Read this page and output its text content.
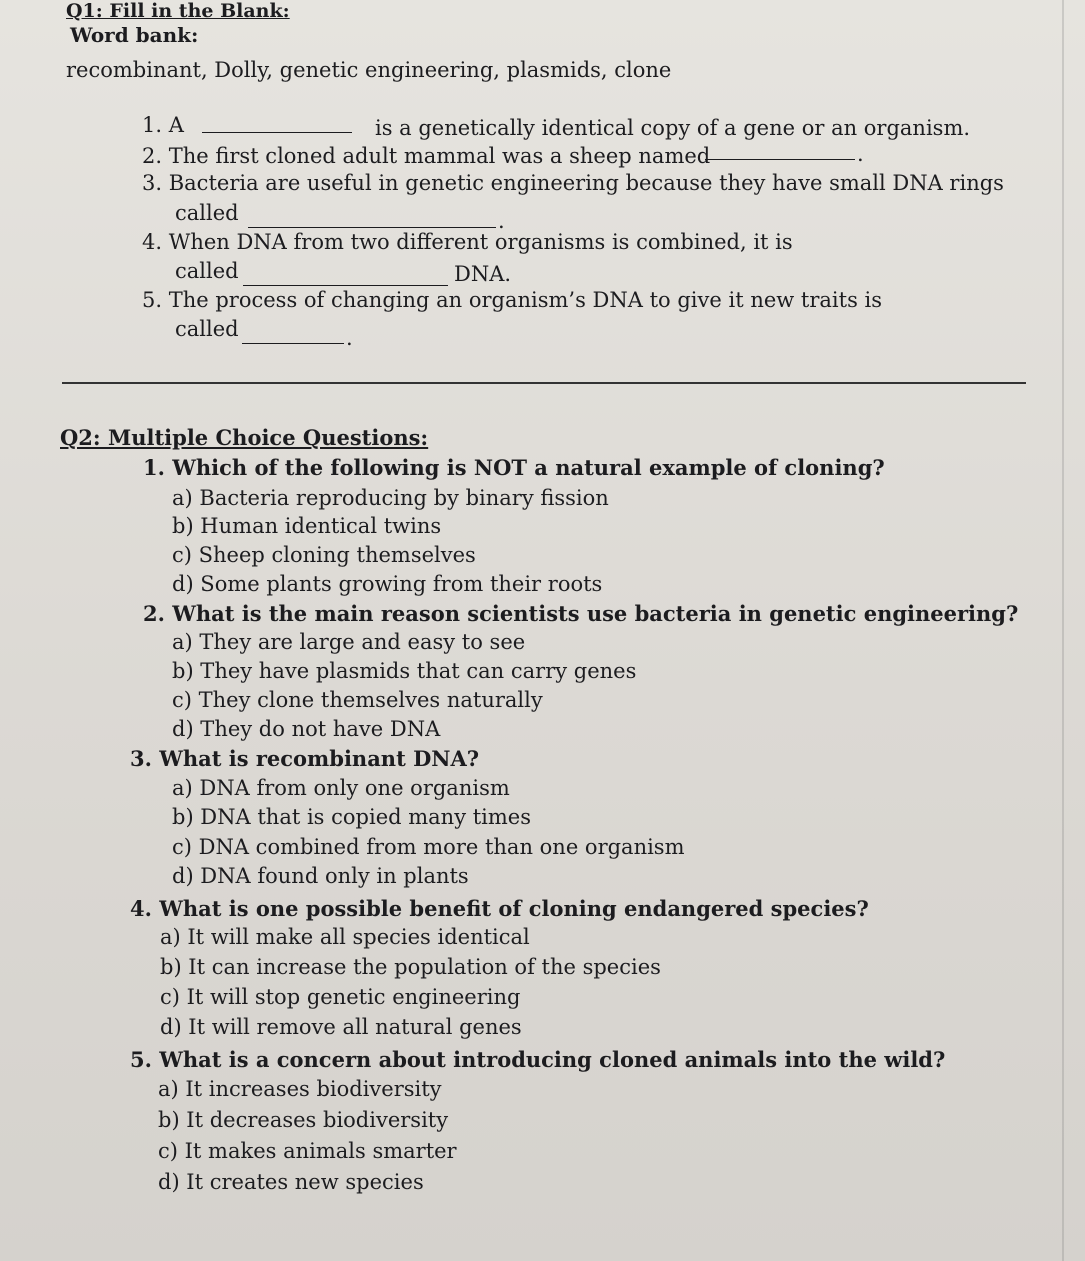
Q1: Fill in the Blank:
Word bank:
recombinant, Dolly, genetic engineering, plasmids, clone
1. A	is a genetically identical copy of a gene or an organism.
2. The first cloned adult mammal was a sheep named	.
3. Bacteria are useful in genetic engineering because they have small DNA rings
called	.
4. When DNA from two different organisms is combined, it is
called	DNA.
5. The process of changing an organism’s DNA to give it new traits is
called	.
Q2: Multiple Choice Questions:
1. Which of the following is NOT a natural example of cloning?
a) Bacteria reproducing by binary fission
b) Human identical twins
c) Sheep cloning themselves
d) Some plants growing from their roots
2. What is the main reason scientists use bacteria in genetic engineering?
a) They are large and easy to see
b) They have plasmids that can carry genes
c) They clone themselves naturally
d) They do not have DNA
3. What is recombinant DNA?
a) DNA from only one organism
b) DNA that is copied many times
c) DNA combined from more than one organism
d) DNA found only in plants
4. What is one possible benefit of cloning endangered species?
a) It will make all species identical
b) It can increase the population of the species
c) It will stop genetic engineering
d) It will remove all natural genes
5. What is a concern about introducing cloned animals into the wild?
a) It increases biodiversity
b) It decreases biodiversity
c) It makes animals smarter
d) It creates new species
